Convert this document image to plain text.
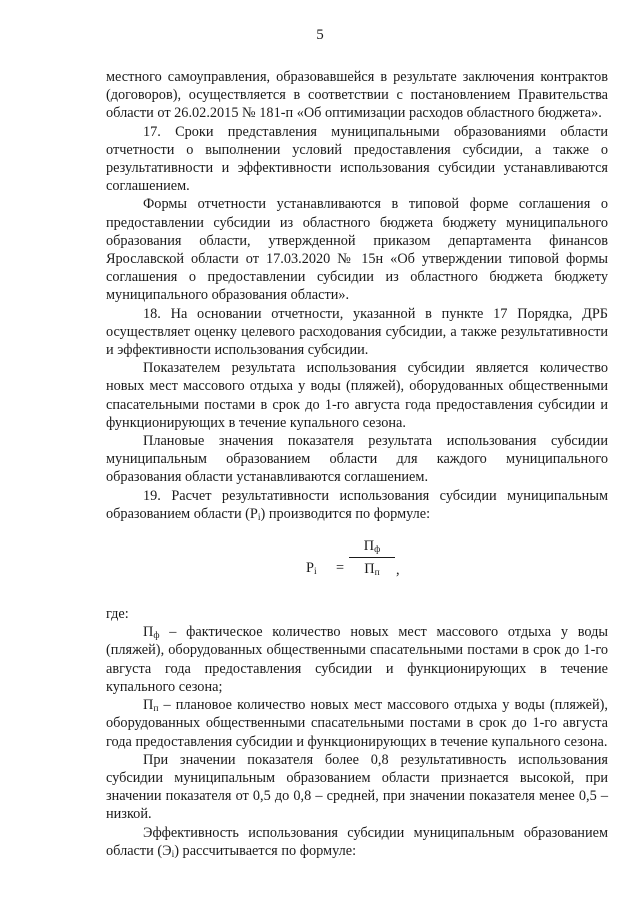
5

местного самоуправления, образовавшейся в результате заключения контрактов (договоров), осуществляется в соответствии с постановлением Правительства области от 26.02.2015 № 181-п «Об оптимизации расходов областного бюджета».

17. Сроки представления муниципальными образованиями области отчетности о выполнении условий предоставления субсидии, а также о результативности и эффективности использования субсидии устанавливаются соглашением.

Формы отчетности устанавливаются в типовой форме соглашения о предоставлении субсидии из областного бюджета бюджету муниципального образования области, утвержденной приказом департамента финансов Ярославской области от 17.03.2020 № 15н «Об утверждении типовой формы соглашения о предоставлении субсидии из областного бюджета бюджету муниципального образования области».

18. На основании отчетности, указанной в пункте 17 Порядка, ДРБ осуществляет оценку целевого расходования субсидии, а также результативности и эффективности использования субсидии.

Показателем результата использования субсидии является количество новых мест массового отдыха у воды (пляжей), оборудованных общественными спасательными постами в срок до 1-го августа года предоставления субсидии и функционирующих в течение купального сезона.

Плановые значения показателя результата использования субсидии муниципальным образованием области для каждого муниципального образования области устанавливаются соглашением.

19. Расчет результативности использования субсидии муниципальным образованием области $(Р_i)$ производится по формуле:

$P_i$ =
$П_ф$
$П_п$	,

где:

$П_ф$ – фактическое количество новых мест массового отдыха у воды (пляжей), оборудованных общественными спасательными постами в срок до 1-го августа года предоставления субсидии и функционирующих в течение купального сезона;

$П_п$ – плановое количество новых мест массового отдыха у воды (пляжей), оборудованных общественными спасательными постами в срок до 1-го августа года предоставления субсидии и функционирующих в течение купального сезона.

При значении показателя более 0,8 результативность использования субсидии муниципальным образованием области признается высокой, при значении показателя от 0,5 до 0,8 – средней, при значении показателя менее 0,5 – низкой.

Эффективность использования субсидии муниципальным образованием области $(Э_i)$ рассчитывается по формуле:
